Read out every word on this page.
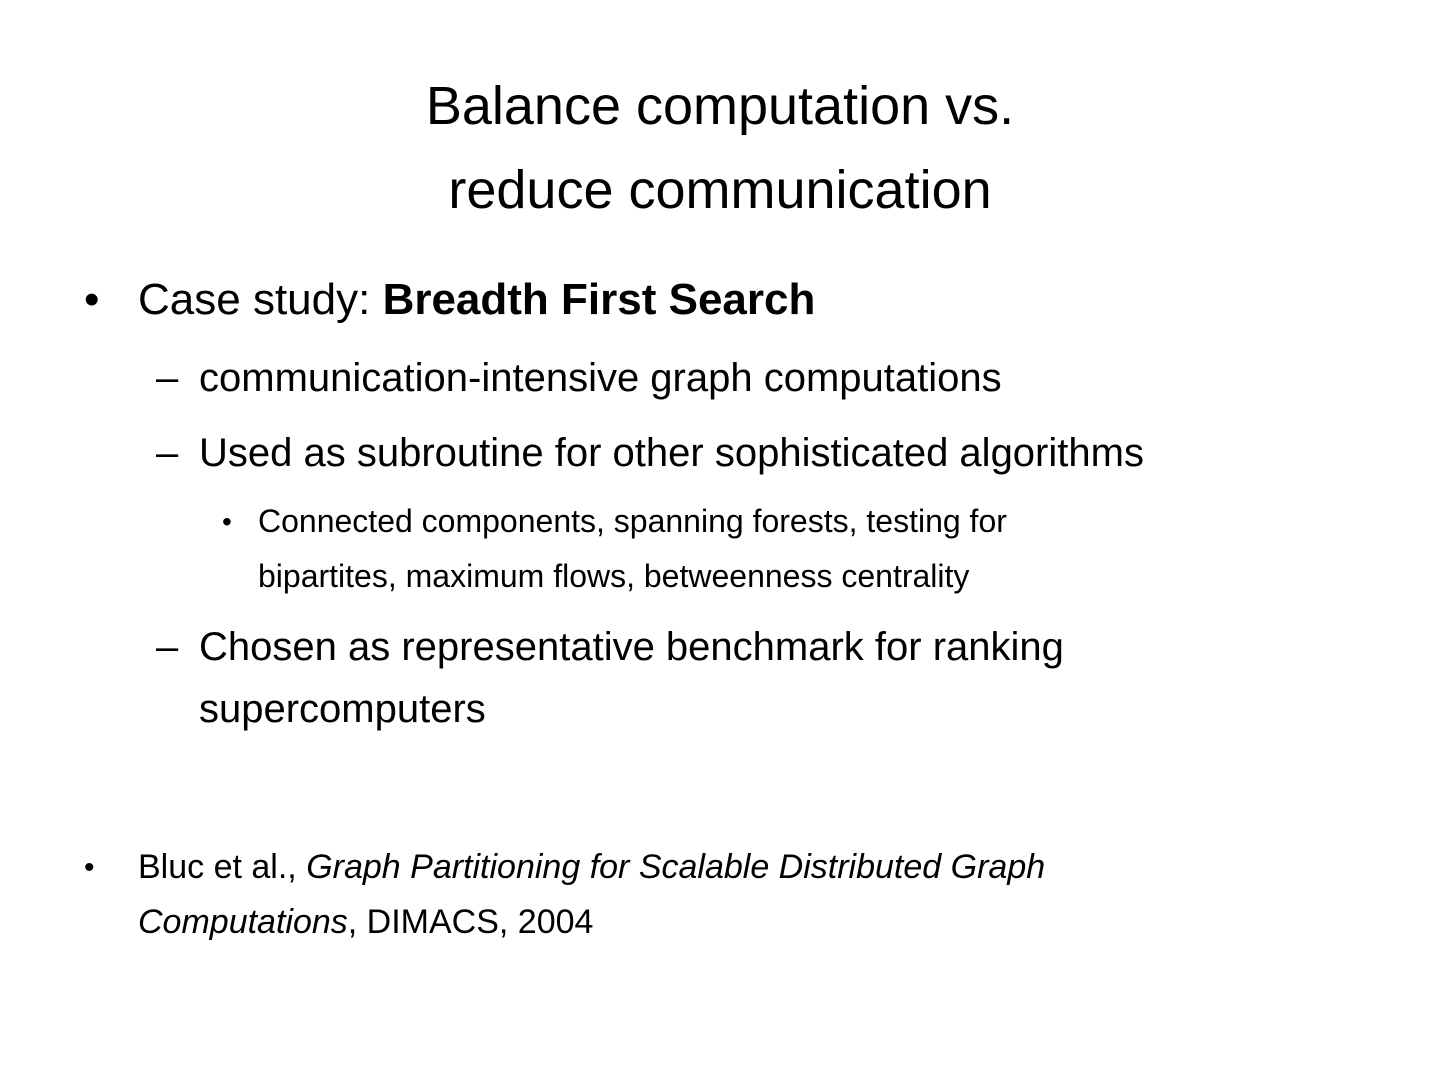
Balance computation vs.
reduce communication
• Case study: Breadth First Search
– communication-intensive graph computations
– Used as subroutine for other sophisticated algorithms
• Connected components, spanning forests, testing for
bipartites, maximum flows, betweenness centrality
– Chosen as representative benchmark for ranking
supercomputers
• Bluc et al., Graph Partitioning for Scalable Distributed Graph
Computations, DIMACS, 2004
